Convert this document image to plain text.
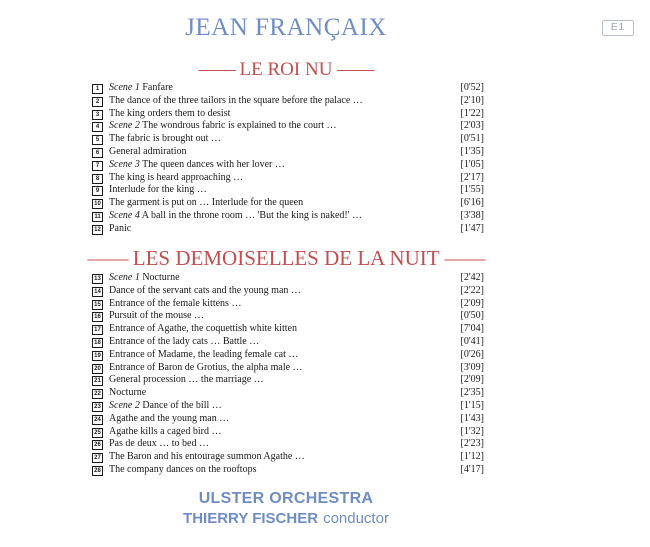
JEAN FRANÇAIX	E1
—— LE ROI NU ——
1 Scene 1 Fanfare	[0'52]
2 The dance of the three tailors in the square before the palace …	[2'10]
3 The king orders them to desist	[1'22]
4 Scene 2 The wondrous fabric is explained to the court …	[2'03]
5 The fabric is brought out …	[0'51]
6 General admiration	[1'35]
7 Scene 3 The queen dances with her lover …	[1'05]
8 The king is heard approaching …	[2'17]
9 Interlude for the king …	[1'55]
10 The garment is put on … Interlude for the queen	[6'16]
11 Scene 4 A ball in the throne room … 'But the king is naked!' …	[3'38]
12 Panic	[1'47]
—— LES DEMOISELLES DE LA NUIT ——
13 Scene 1 Nocturne	[2'42]
14 Dance of the servant cats and the young man …	[2'22]
15 Entrance of the female kittens …	[2'09]
16 Pursuit of the mouse …	[0'50]
17 Entrance of Agathe, the coquettish white kitten	[7'04]
18 Entrance of the lady cats … Battle …	[0'41]
19 Entrance of Madame, the leading female cat …	[0'26]
20 Entrance of Baron de Grotius, the alpha male …	[3'09]
21 General procession … the marriage …	[2'09]
22 Nocturne	[2'35]
23 Scene 2 Dance of the bill …	[1'15]
24 Agathe and the young man …	[1'43]
25 Agathe kills a caged bird …	[1'32]
26 Pas de deux … to bed …	[2'23]
27 The Baron and his entourage summon Agathe …	[1'12]
28 The company dances on the rooftops	[4'17]
ULSTER ORCHESTRA
THIERRY FISCHER conductor
